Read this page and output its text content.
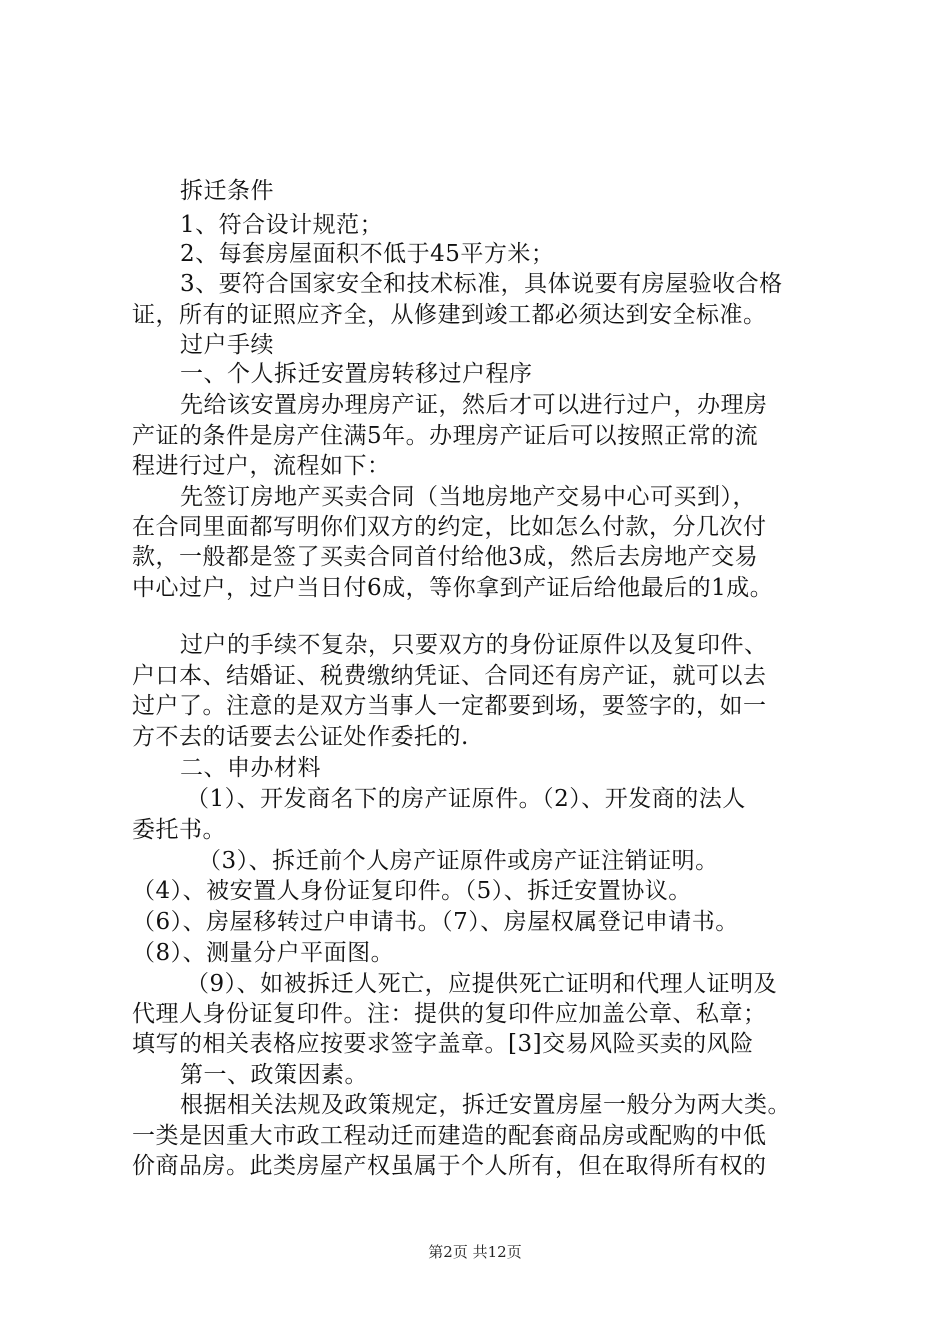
拆迁条件
1、符合设计规范；
2、每套房屋面积不低于45平方米；
3、要符合国家安全和技术标准，具体说要有房屋验收合格
证，所有的证照应齐全，从修建到竣工都必须达到安全标准。
过户手续
一、个人拆迁安置房转移过户程序
先给该安置房办理房产证，然后才可以进行过户，办理房
产证的条件是房产住满5年。办理房产证后可以按照正常的流
程进行过户，流程如下：
先签订房地产买卖合同（当地房地产交易中心可买到），
在合同里面都写明你们双方的约定，比如怎么付款，分几次付
款，一般都是签了买卖合同首付给他3成，然后去房地产交易
中心过户，过户当日付6成，等你拿到产证后给他最后的1成。
过户的手续不复杂，只要双方的身份证原件以及复印件、
户口本、结婚证、税费缴纳凭证、合同还有房产证，就可以去
过户了。注意的是双方当事人一定都要到场，要签字的，如一
方不去的话要去公证处作委托的.
二、申办材料
（1）、开发商名下的房产证原件。（2）、开发商的法人
委托书。
（3）、拆迁前个人房产证原件或房产证注销证明。
（4）、被安置人身份证复印件。（5）、拆迁安置协议。
（6）、房屋移转过户申请书。（7）、房屋权属登记申请书。
（8）、测量分户平面图。
（9）、如被拆迁人死亡，应提供死亡证明和代理人证明及
代理人身份证复印件。注：提供的复印件应加盖公章、私章；
填写的相关表格应按要求签字盖章。[3]交易风险买卖的风险
第一、政策因素。
根据相关法规及政策规定，拆迁安置房屋一般分为两大类。
一类是因重大市政工程动迁而建造的配套商品房或配购的中低
价商品房。此类房屋产权虽属于个人所有，但在取得所有权的
第2页 共12页
